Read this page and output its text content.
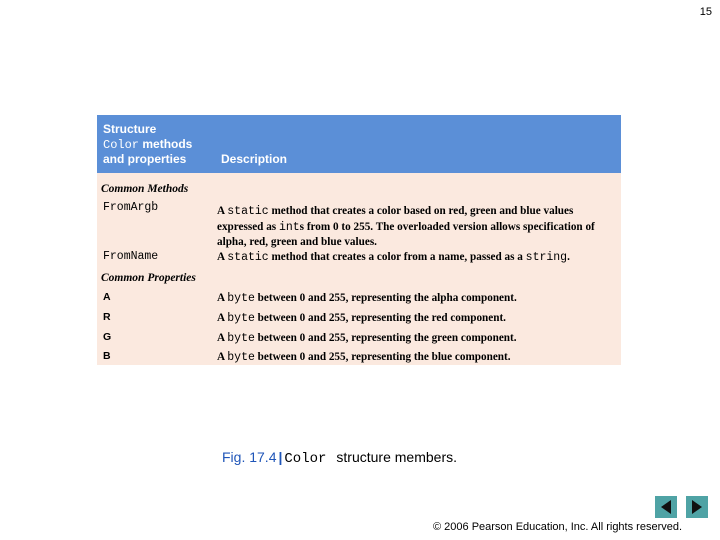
15
Structure
Color methods
and properties	Description
Common Methods
FromArgb	A static method that creates a color based on red, green and blue values expressed as ints from 0 to 255. The overloaded version allows specification of alpha, red, green and blue values.
FromName	A static method that creates a color from a name, passed as a string.
Common Properties
A	A byte between 0 and 255, representing the alpha component.
R	A byte between 0 and 255, representing the red component.
G	A byte between 0 and 255, representing the green component.
B	A byte between 0 and 255, representing the blue component.
Fig. 17.4 | Color structure members.
© 2006 Pearson Education, Inc. All rights reserved.
